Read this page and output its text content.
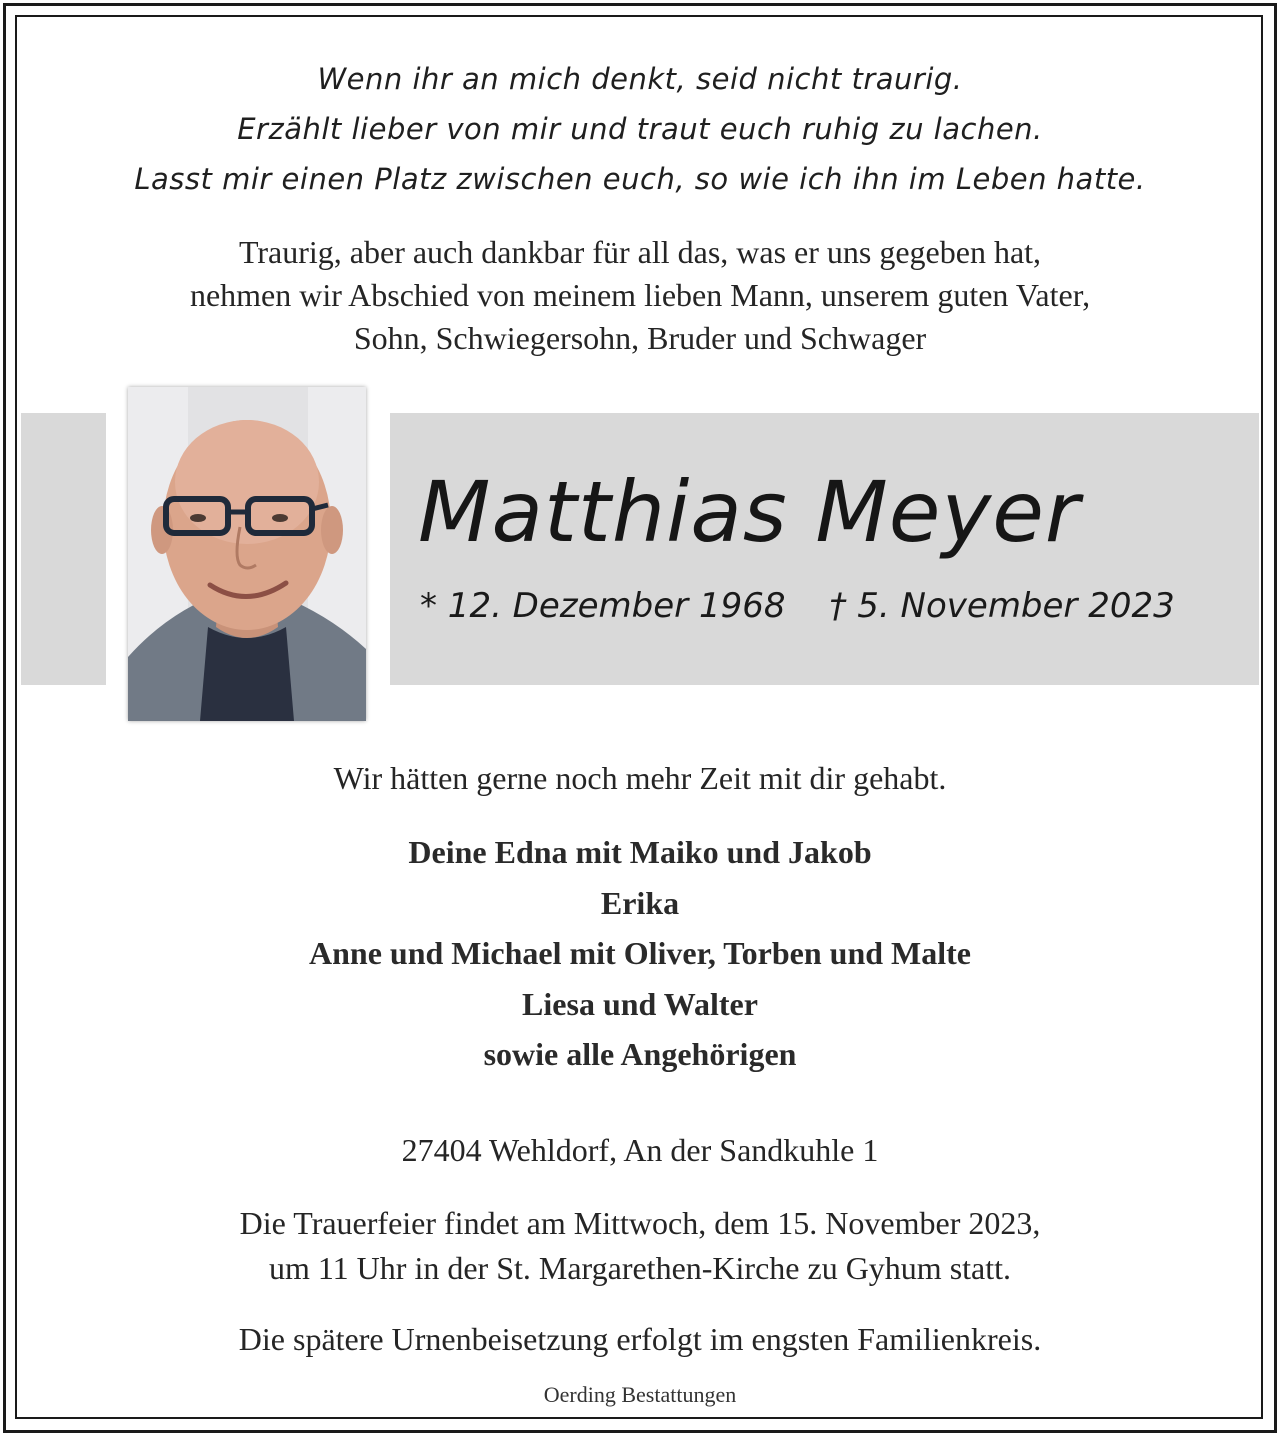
Wenn ihr an mich denkt, seid nicht traurig.
Erzählt lieber von mir und traut euch ruhig zu lachen.
Lasst mir einen Platz zwischen euch, so wie ich ihn im Leben hatte.
Traurig, aber auch dankbar für all das, was er uns gegeben hat,
nehmen wir Abschied von meinem lieben Mann, unserem guten Vater,
Sohn, Schwiegersohn, Bruder und Schwager
Matthias Meyer
* 12. Dezember 1968 † 5. November 2023
Wir hätten gerne noch mehr Zeit mit dir gehabt.
Deine Edna mit Maiko und Jakob
Erika
Anne und Michael mit Oliver, Torben und Malte
Liesa und Walter
sowie alle Angehörigen
27404 Wehldorf, An der Sandkuhle 1
Die Trauerfeier findet am Mittwoch, dem 15. November 2023,
um 11 Uhr in der St. Margarethen-Kirche zu Gyhum statt.
Die spätere Urnenbeisetzung erfolgt im engsten Familienkreis.
Oerding Bestattungen
